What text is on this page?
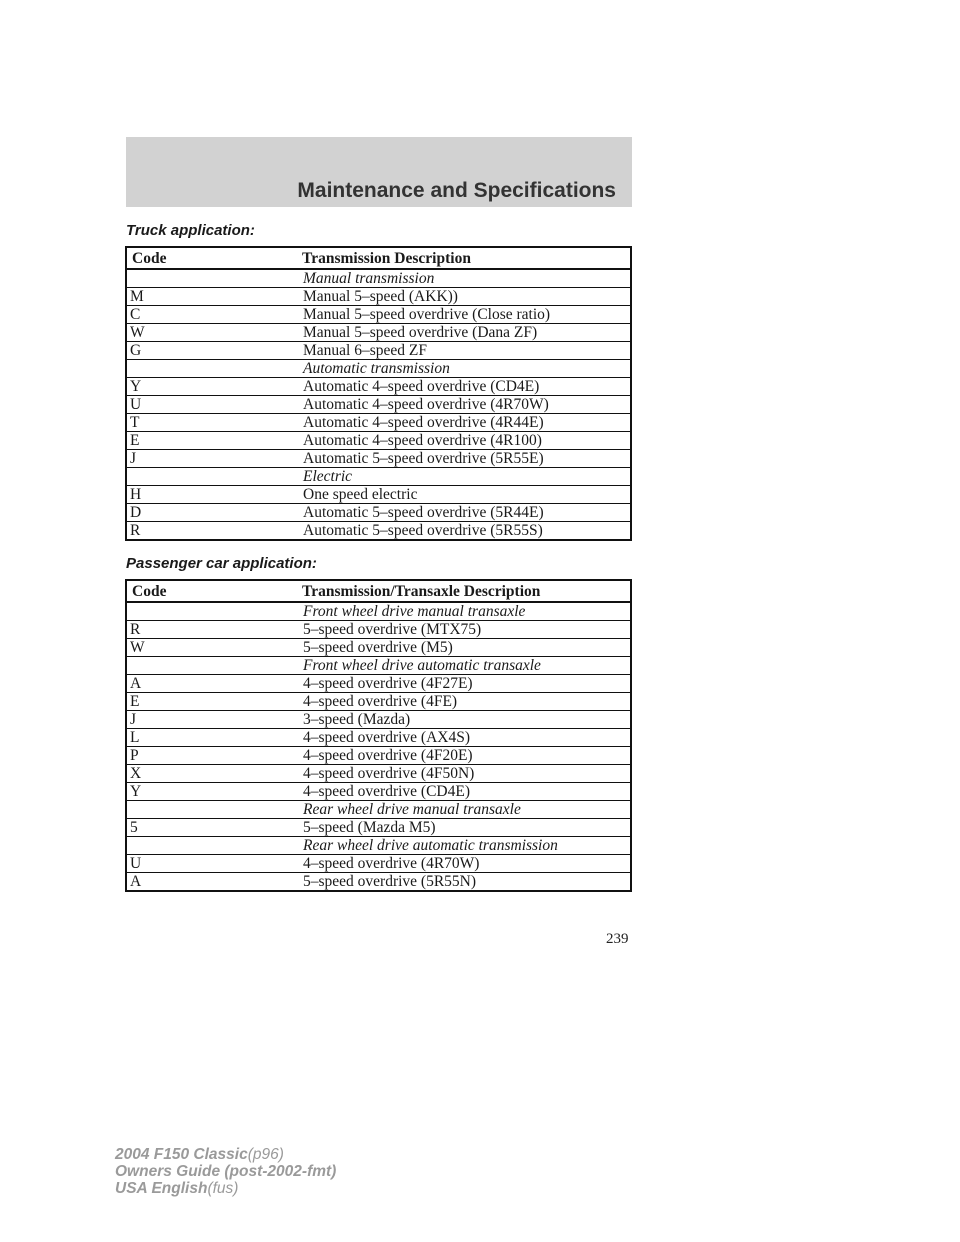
Maintenance and Specifications
Truck application:
Code	Transmission Description
	Manual transmission
M	Manual 5–speed (AKK))
C	Manual 5–speed overdrive (Close ratio)
W	Manual 5–speed overdrive (Dana ZF)
G	Manual 6–speed ZF
	Automatic transmission
Y	Automatic 4–speed overdrive (CD4E)
U	Automatic 4–speed overdrive (4R70W)
T	Automatic 4–speed overdrive (4R44E)
E	Automatic 4–speed overdrive (4R100)
J	Automatic 5–speed overdrive (5R55E)
	Electric
H	One speed electric
D	Automatic 5–speed overdrive (5R44E)
R	Automatic 5–speed overdrive (5R55S)
Passenger car application:
Code	Transmission/Transaxle Description
	Front wheel drive manual transaxle
R	5–speed overdrive (MTX75)
W	5–speed overdrive (M5)
	Front wheel drive automatic transaxle
A	4–speed overdrive (4F27E)
E	4–speed overdrive (4FE)
J	3–speed (Mazda)
L	4–speed overdrive (AX4S)
P	4–speed overdrive (4F20E)
X	4–speed overdrive (4F50N)
Y	4–speed overdrive (CD4E)
	Rear wheel drive manual transaxle
5	5–speed (Mazda M5)
	Rear wheel drive automatic transmission
U	4–speed overdrive (4R70W)
A	5–speed overdrive (5R55N)
239
2004 F150 Classic(p96)
Owners Guide (post-2002-fmt)
USA English(fus)
